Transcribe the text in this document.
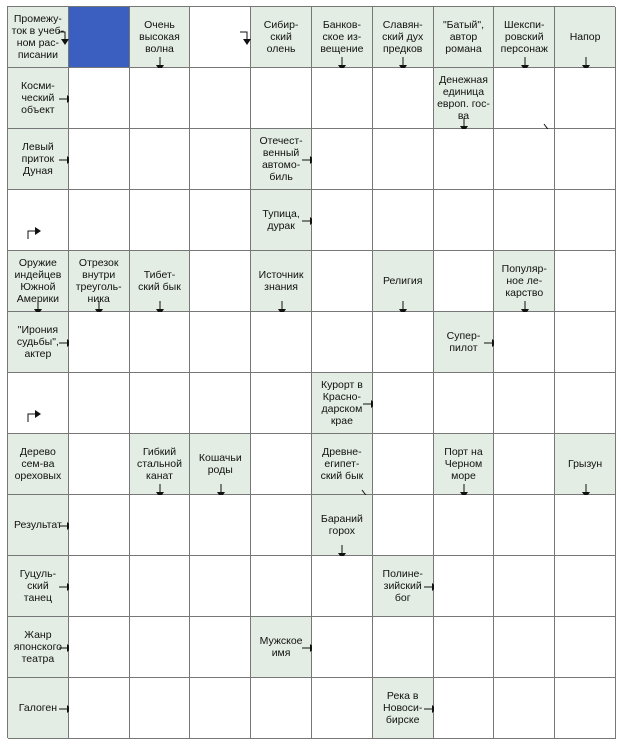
Промежу-
ток в учеб-
ном рас-
писании
Очень
высокая
волна
Сибир-
ский
олень
Банков-
ское из-
вещение
Славян-
ский дух
предков
"Батый",
автор
романа
Шекспи-
ровский
персонаж
Напор
Косми-
ческий
объект
Денежная
единица
европ. гос-ва
Левый
приток
Дуная
Отечест-
венный
автомо-
биль
Тупица,
дурак
Оружие
индейцев
Южной
Америки
Отрезок
внутри
треуголь-
ника
Тибет-
ский бык
Источник
знания	Религия
Популяр-
ное ле-
карство
"Ирония
судьбы",
актер
Супер-
пилот
Курорт в
Красно-
дарском
крае
Дерево
сем-ва
ореховых
Гибкий
стальной
канат
Кошачьи
роды
Древне-
египет-
ский бык
Порт на
Черном
море
Грызун
Результат	Бараний
горох
Гуцуль-
ский
танец
Полине-
зийский
бог
Жанр
японского
театра
Мужское
имя
Галоген
Река в
Новоси-
бирске
